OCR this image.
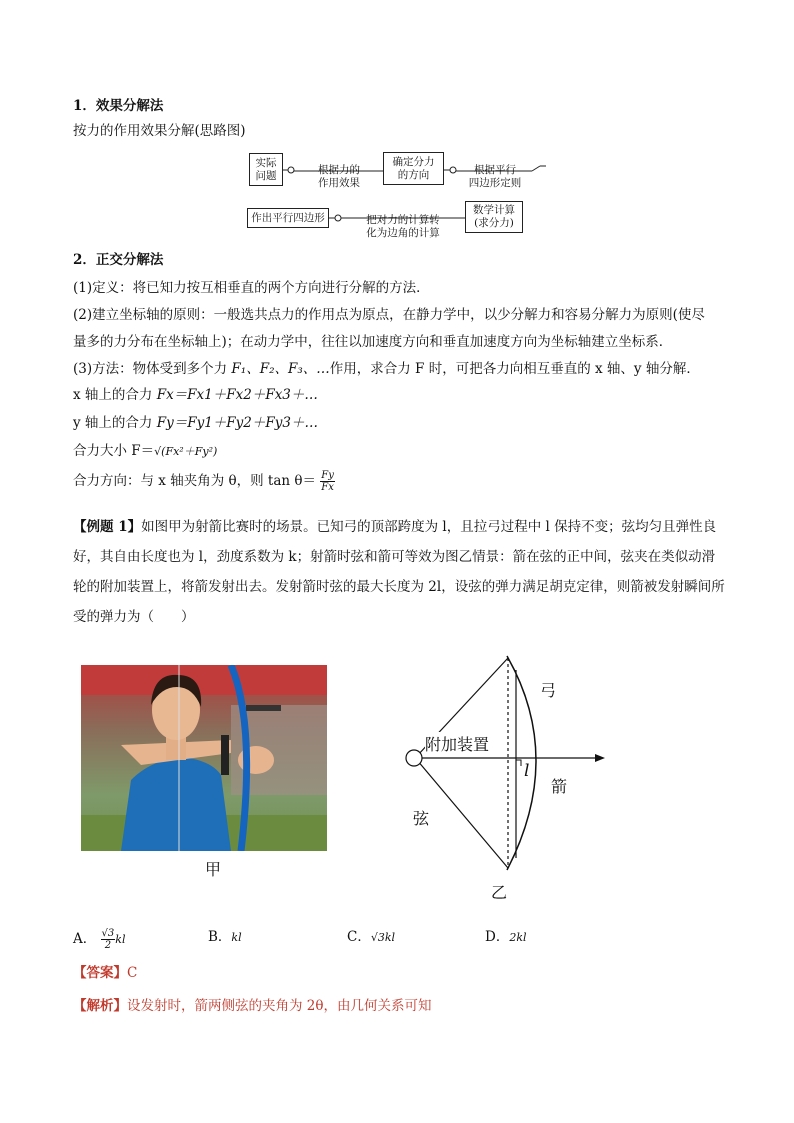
1．效果分解法
按力的作用效果分解(思路图)
实际
问题	根据力的
作用效果
确定分力
的方向	根据平行
四边形定则
作出平行四边形	把对力的计算转
化为边角的计算
数学计算
(求分力)
2．正交分解法
(1)定义：将已知力按互相垂直的两个方向进行分解的方法．
(2)建立坐标轴的原则：一般选共点力的作用点为原点，在静力学中，以少分解力和容易分解力为原则(使尽
量多的力分布在坐标轴上)；在动力学中，往往以加速度方向和垂直加速度方向为坐标轴建立坐标系．
(3)方法：物体受到多个力 F₁、F₂、F₃、…作用，求合力 F 时，可把各力向相互垂直的 x 轴、y 轴分解．
x 轴上的合力 Fx＝Fx1＋Fx2＋Fx3＋…
y 轴上的合力 Fy＝Fy1＋Fy2＋Fy3＋…
合力大小 F＝√(Fx²＋Fy²)
合力方向：与 x 轴夹角为 θ，则 $\tan \theta= \frac{Fy}{Fx}$
【例题 1】如图甲为射箭比赛时的场景。已知弓的顶部跨度为 l，且拉弓过程中 l 保持不变；弦均匀且弹性良好，其自由长度也为 l，劲度系数为 k；射箭时弦和箭可等效为图乙情景：箭在弦的正中间，弦夹在类似动滑轮的附加装置上，将箭发射出去。发射箭时弦的最大长度为 2l，设弦的弹力满足胡克定律，则箭被发射瞬间所受的弹力为（　　）
甲
弓
附加装置
l
箭
弦
乙
A． $\frac{√3}{2}$ kl	B．kl	C．√3kl	D．2kl
【答案】C
【解析】设发射时，箭两侧弦的夹角为 2θ，由几何关系可知
